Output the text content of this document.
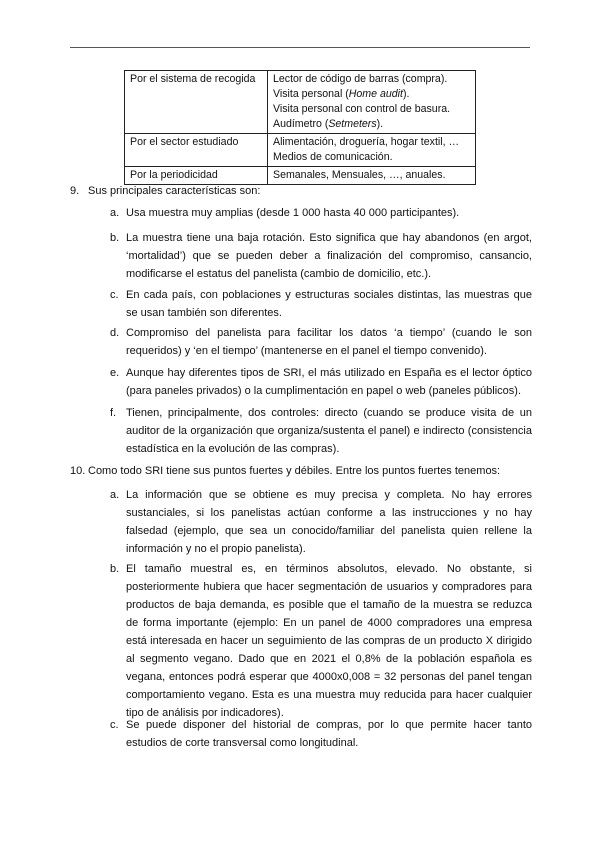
Por el sistema de recogida	Lector de código de barras (compra).
Visita personal (Home audit).
Visita personal con control de basura.
Audímetro (Setmeters).

Por el sector estudiado	Alimentación, droguería, hogar textil, …
Medios de comunicación.

Por la periodicidad	Semanales, Mensuales, …, anuales.
9. Sus principales características son:
a. Usa muestra muy amplias (desde 1 000 hasta 40 000 participantes).
b. La muestra tiene una baja rotación. Esto significa que hay abandonos (en argot, ‘mortalidad’) que se pueden deber a finalización del compromiso, cansancio, modificarse el estatus del panelista (cambio de domicilio, etc.).
c. En cada país, con poblaciones y estructuras sociales distintas, las muestras que se usan también son diferentes.
d. Compromiso del panelista para facilitar los datos ‘a tiempo’ (cuando le son requeridos) y ‘en el tiempo’ (mantenerse en el panel el tiempo convenido).
e. Aunque hay diferentes tipos de SRI, el más utilizado en España es el lector óptico (para paneles privados) o la cumplimentación en papel o web (paneles públicos).
f. Tienen, principalmente, dos controles: directo (cuando se produce visita de un auditor de la organización que organiza/sustenta el panel) e indirecto (consistencia estadística en la evolución de las compras).
10. Como todo SRI tiene sus puntos fuertes y débiles. Entre los puntos fuertes tenemos:
a. La información que se obtiene es muy precisa y completa. No hay errores sustanciales, si los panelistas actúan conforme a las instrucciones y no hay falsedad (ejemplo, que sea un conocido/familiar del panelista quien rellene la información y no el propio panelista).
b. El tamaño muestral es, en términos absolutos, elevado. No obstante, si posteriormente hubiera que hacer segmentación de usuarios y compradores para productos de baja demanda, es posible que el tamaño de la muestra se reduzca de forma importante (ejemplo: En un panel de 4000 compradores una empresa está interesada en hacer un seguimiento de las compras de un producto X dirigido al segmento vegano. Dado que en 2021 el 0,8% de la población española es vegana, entonces podrá esperar que 4000x0,008 = 32 personas del panel tengan comportamiento vegano. Esta es una muestra muy reducida para hacer cualquier tipo de análisis por indicadores).
c. Se puede disponer del historial de compras, por lo que permite hacer tanto estudios de corte transversal como longitudinal.
